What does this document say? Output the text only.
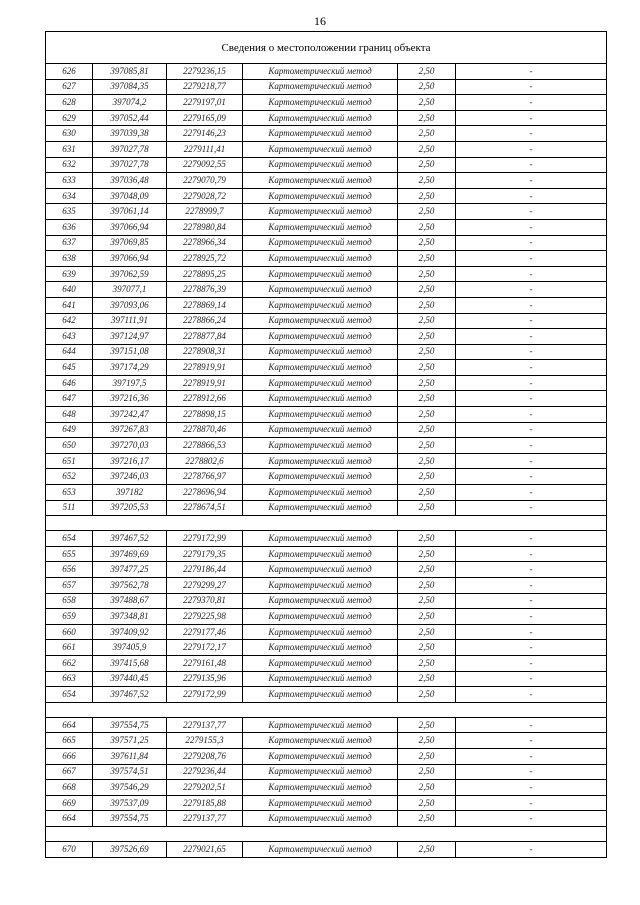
16
Сведения о местоположении границ объекта					
626	397085,81	2279236,15	Картометрический метод	2,50	-
627	397084,35	2279218,77	Картометрический метод	2,50	-
628	397074,2	2279197,01	Картометрический метод	2,50	-
629	397052,44	2279165,09	Картометрический метод	2,50	-
630	397039,38	2279146,23	Картометрический метод	2,50	-
631	397027,78	2279111,41	Картометрический метод	2,50	-
632	397027,78	2279092,55	Картометрический метод	2,50	-
633	397036,48	2279070,79	Картометрический метод	2,50	-
634	397048,09	2279028,72	Картометрический метод	2,50	-
635	397061,14	2278999,7	Картометрический метод	2,50	-
636	397066,94	2278980,84	Картометрический метод	2,50	-
637	397069,85	2278966,34	Картометрический метод	2,50	-
638	397066,94	2278925,72	Картометрический метод	2,50	-
639	397062,59	2278895,25	Картометрический метод	2,50	-
640	397077,1	2278876,39	Картометрический метод	2,50	-
641	397093,06	2278869,14	Картометрический метод	2,50	-
642	397111,91	2278866,24	Картометрический метод	2,50	-
643	397124,97	2278877,84	Картометрический метод	2,50	-
644	397151,08	2278908,31	Картометрический метод	2,50	-
645	397174,29	2278919,91	Картометрический метод	2,50	-
646	397197,5	2278919,91	Картометрический метод	2,50	-
647	397216,36	2278912,66	Картометрический метод	2,50	-
648	397242,47	2278898,15	Картометрический метод	2,50	-
649	397267,83	2278870,46	Картометрический метод	2,50	-
650	397270,03	2278866,53	Картометрический метод	2,50	-
651	397216,17	2278802,6	Картометрический метод	2,50	-
652	397246,03	2278766,97	Картометрический метод	2,50	-
653	397182	2278696,94	Картометрический метод	2,50	-
511	397205,53	2278674,51	Картометрический метод	2,50	-

654	397467,52	2279172,99	Картометрический метод	2,50	-
655	397469,69	2279179,35	Картометрический метод	2,50	-
656	397477,25	2279186,44	Картометрический метод	2,50	-
657	397562,78	2279299,27	Картометрический метод	2,50	-
658	397488,67	2279370,81	Картометрический метод	2,50	-
659	397348,81	2279225,98	Картометрический метод	2,50	-
660	397409,92	2279177,46	Картометрический метод	2,50	-
661	397405,9	2279172,17	Картометрический метод	2,50	-
662	397415,68	2279161,48	Картометрический метод	2,50	-
663	397440,45	2279135,96	Картометрический метод	2,50	-
654	397467,52	2279172,99	Картометрический метод	2,50	-

664	397554,75	2279137,77	Картометрический метод	2,50	-
665	397571,25	2279155,3	Картометрический метод	2,50	-
666	397611,84	2279208,76	Картометрический метод	2,50	-
667	397574,51	2279236,44	Картометрический метод	2,50	-
668	397546,29	2279202,51	Картометрический метод	2,50	-
669	397537,09	2279185,88	Картометрический метод	2,50	-
664	397554,75	2279137,77	Картометрический метод	2,50	-

670	397526,69	2279021,65	Картометрический метод	2,50	-
